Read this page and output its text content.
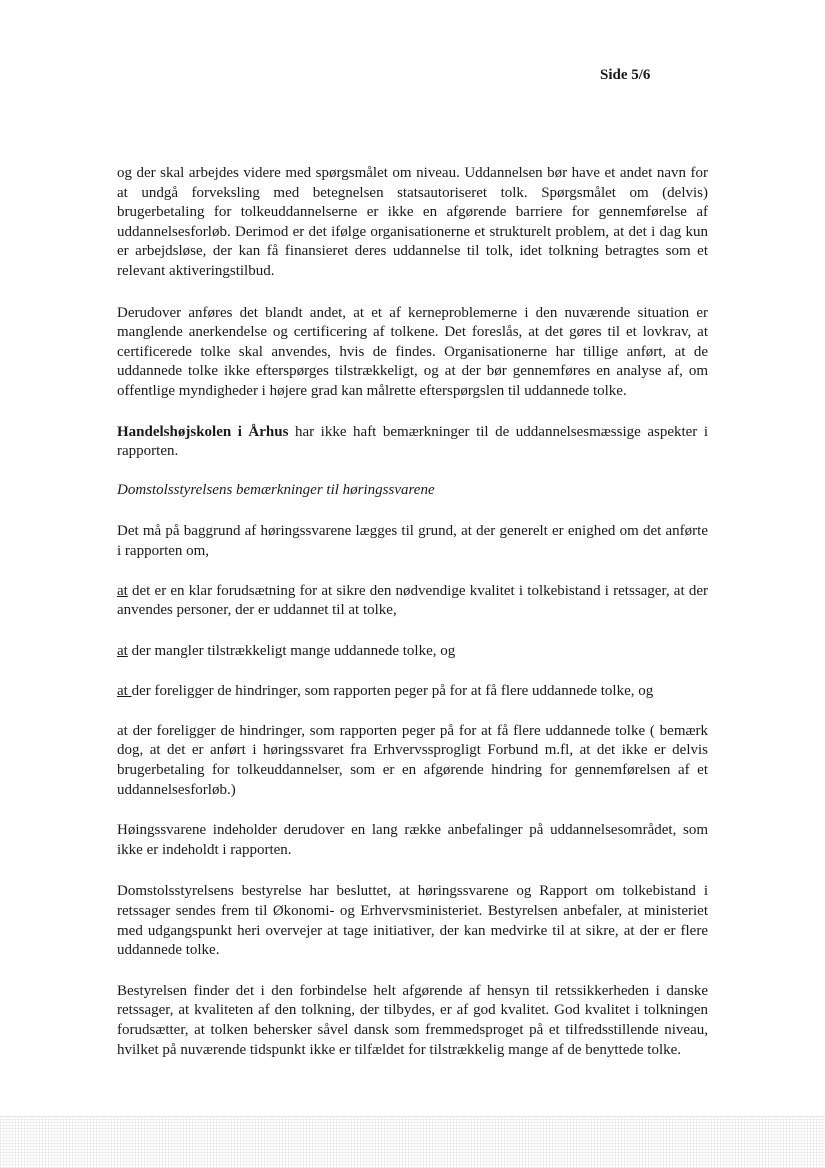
Side 5/6

og der skal arbejdes videre med spørgsmålet om niveau. Uddannelsen bør have et andet navn for at undgå forveksling med betegnelsen statsautoriseret tolk. Spørgsmålet om (delvis) brugerbetaling for tolkeuddannelserne er ikke en afgørende barriere for gennemførelse af uddannelsesforløb. Derimod er det ifølge organisationerne et strukturelt problem, at det i dag kun er arbejdsløse, der kan få finansieret deres uddannelse til tolk, idet tolkning betragtes som et relevant aktiveringstilbud.

Derudover anføres det blandt andet, at et af kerneproblemerne i den nuværende situation er manglende anerkendelse og certificering af tolkene. Det foreslås, at det gøres til et lovkrav, at certificerede tolke skal anvendes, hvis de findes. Organisationerne har tillige anført, at de uddannede tolke ikke efterspørges tilstrækkeligt, og at der bør gennemføres en analyse af, om offentlige myndigheder i højere grad kan målrette efterspørgslen til uddannede tolke.

Handelshøjskolen i Århus har ikke haft bemærkninger til de uddannelsesmæssige aspekter i rapporten.

Domstolsstyrelsens bemærkninger til høringssvarene

Det må på baggrund af høringssvarene lægges til grund, at der generelt er enighed om det anførte i rapporten om,

at det er en klar forudsætning for at sikre den nødvendige kvalitet i tolkebistand i retssager, at der anvendes personer, der er uddannet til at tolke,

at der mangler tilstrækkeligt mange uddannede tolke, og

at der foreligger de hindringer, som rapporten peger på for at få flere uddannede tolke, og

at der foreligger de hindringer, som rapporten peger på for at få flere uddannede tolke ( bemærk dog, at det er anført i høringssvaret fra Erhvervssprogligt Forbund m.fl, at det ikke er delvis brugerbetaling for tolkeuddannelser, som er en afgørende hindring for gennemførelsen af et uddannelsesforløb.)

Høingssvarene indeholder derudover en lang række anbefalinger på uddannelsesområdet, som ikke er indeholdt i rapporten.

Domstolsstyrelsens bestyrelse har besluttet, at høringssvarene og Rapport om tolkebistand i retssager sendes frem til Økonomi- og Erhvervsministeriet. Bestyrelsen anbefaler, at ministeriet med udgangspunkt heri overvejer at tage initiativer, der kan medvirke til at sikre, at der er flere uddannede tolke.

Bestyrelsen finder det i den forbindelse helt afgørende af hensyn til retssikkerheden i danske retssager, at kvaliteten af den tolkning, der tilbydes, er af god kvalitet. God kvalitet i tolkningen forudsætter, at tolken behersker såvel dansk som fremmedsproget på et tilfredsstillende niveau, hvilket på nuværende tidspunkt ikke er tilfældet for tilstrækkelig mange af de benyttede tolke.
